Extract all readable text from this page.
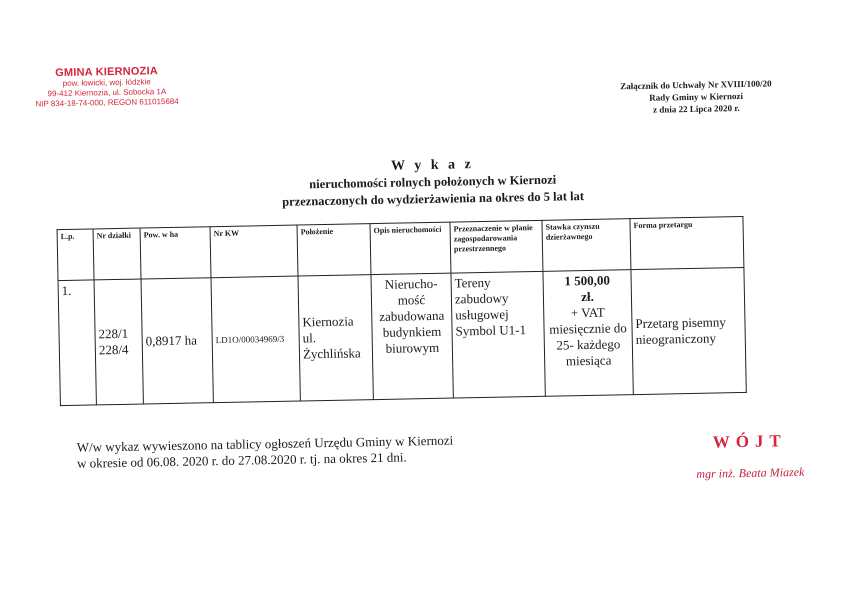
GMINA KIERNOZIA
pow. łowicki, woj. łódzkie
99-412 Kiernozia, ul. Sobocka 1A
NIP 834-18-74-000, REGON 611015684
Załącznik do Uchwały Nr XVIII/100/20
Rady Gminy w Kiernozi
z dnia 22 Lipca 2020 r.
W y k a z
nieruchomości rolnych położonych w Kiernozi
przeznaczonych do wydzierżawienia na okres do 5 lat lat
L.p.	Nr działki	Pow. w ha	Nr KW	Położenie	Opis nieruchomości	Przeznaczenie w planie zagospodarowania przestrzennego	Stawka czynszu dzierżawnego	Forma przetargu
1.	228/1 228/4	0,8917 ha	LD1O/00034969/3	Kiernozia ul. Żychlińska	Nierucho-mość zabudowana budynkiem biurowym	Tereny zabudowy usługowej Symbol U1-1	1 500,00
zł.
+ VAT miesięcznie do 25- każdego miesiąca	Przetarg pisemny nieograniczony
W/w wykaz wywieszono na tablicy ogłoszeń Urzędu Gminy w Kiernozi
w okresie od 06.08. 2020 r. do 27.08.2020 r. tj. na okres 21 dni.
WÓJT
mgr inż. Beata Miazek
